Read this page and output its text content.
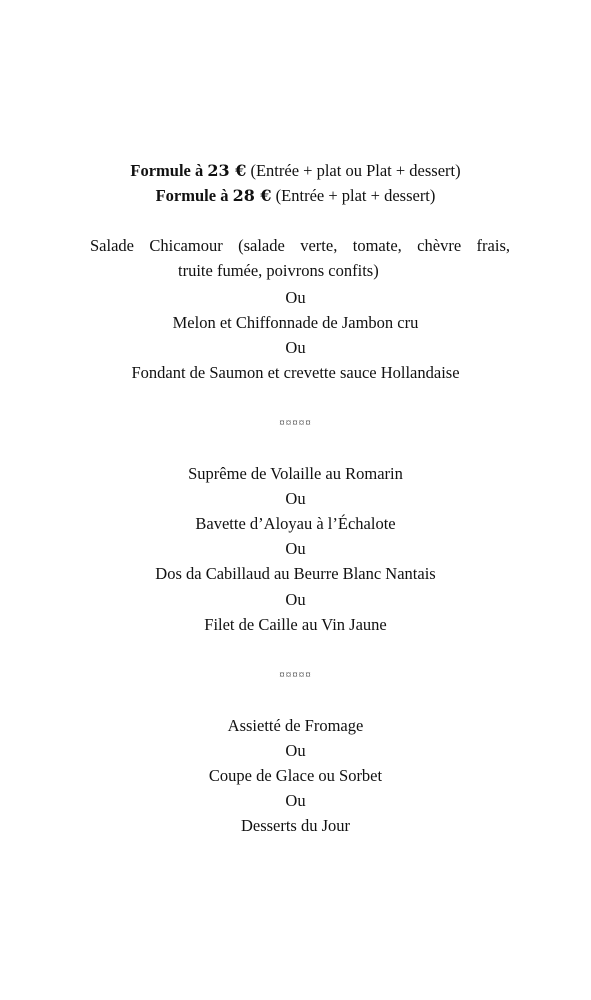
Formule à 23 € (Entrée + plat ou Plat + dessert)
Formule à 28 € (Entrée + plat + dessert)
Salade Chicamour (salade verte, tomate, chèvre frais,
truite fumée, poivrons confits)
Ou
Melon et Chiffonnade de Jambon cru
Ou
Fondant de Saumon et crevette sauce Hollandaise
¤¤¤¤¤
Suprême de Volaille au Romarin
Ou
Bavette d’Aloyau à l’Échalote
Ou
Dos da Cabillaud au Beurre Blanc Nantais
Ou
Filet de Caille au Vin Jaune
¤¤¤¤¤
Assietté de Fromage
Ou
Coupe de Glace ou Sorbet
Ou
Desserts du Jour
